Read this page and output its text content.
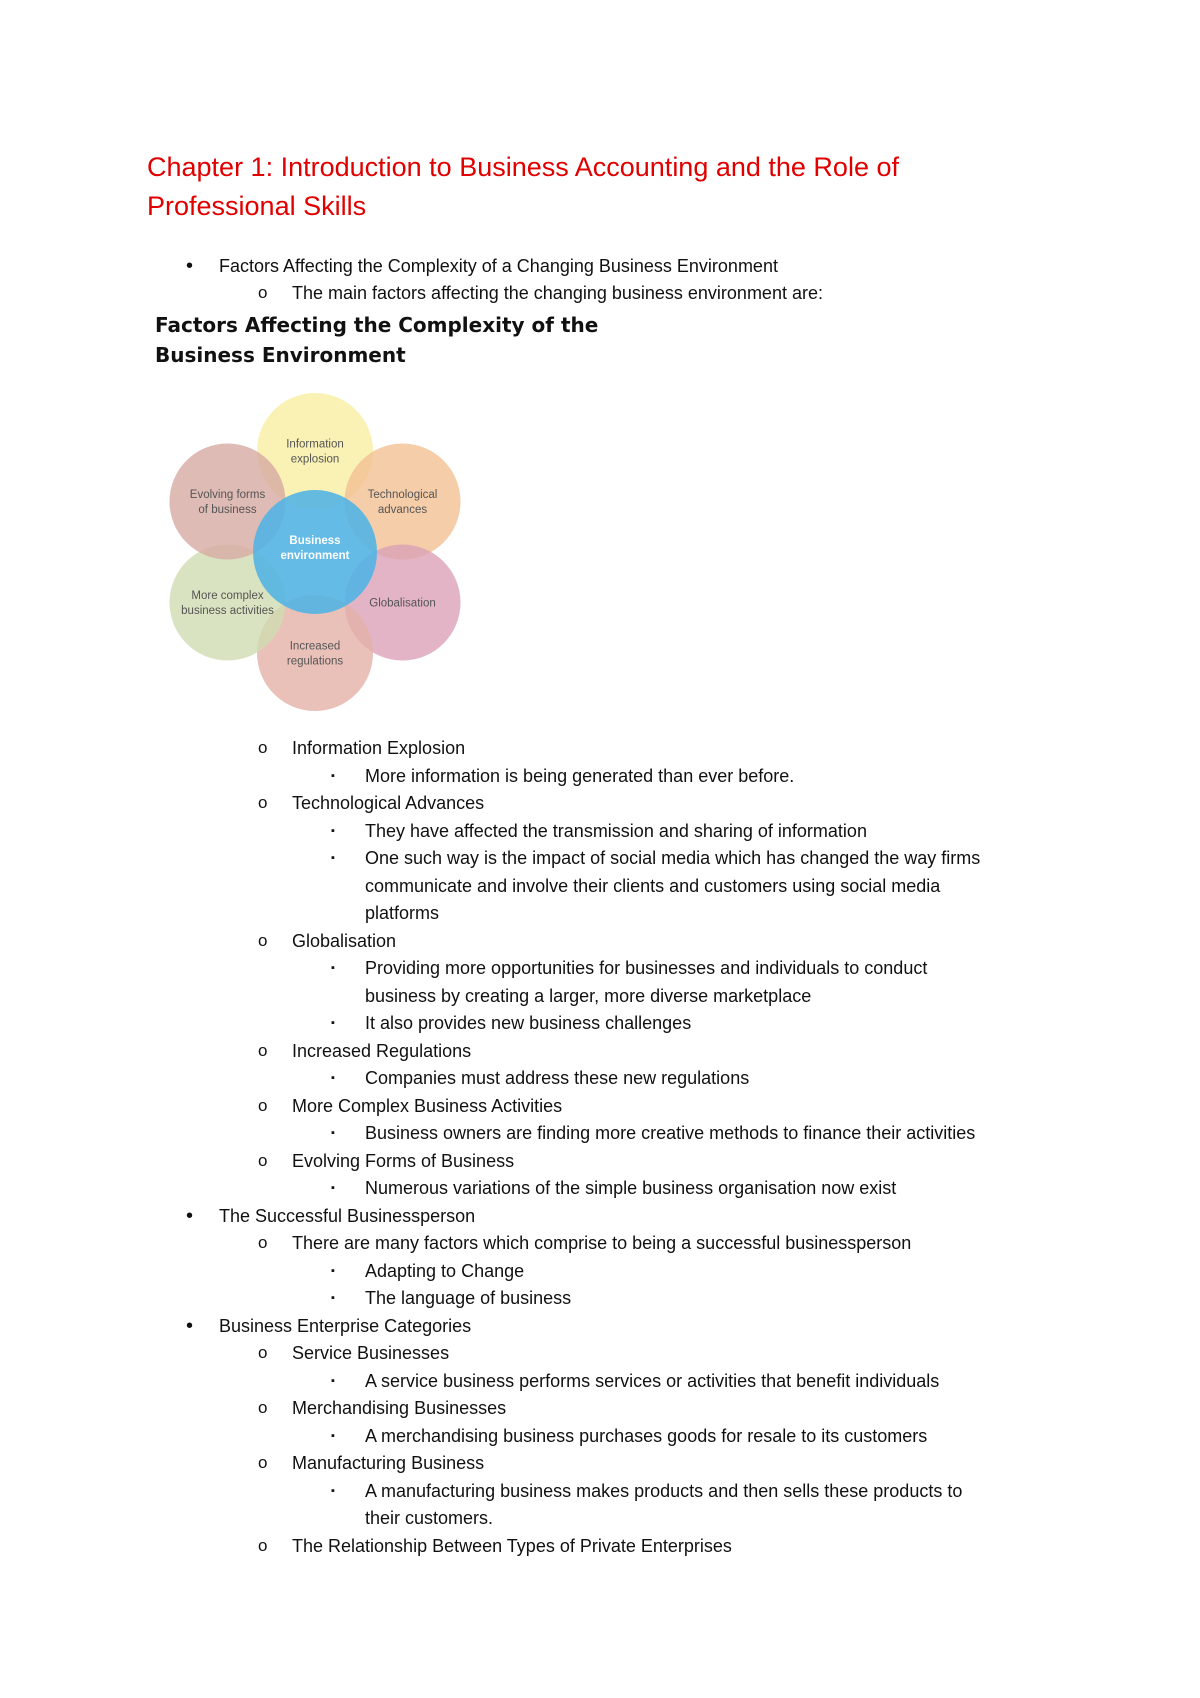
Chapter 1: Introduction to Business Accounting and the Role of Professional Skills
• Factors Affecting the Complexity of a Changing Business Environment
o The main factors affecting the changing business environment are:
Factors Affecting the Complexity of the
Business Environment
Information
explosion
Technological
advances
Globalisation
Increased
regulations
More complex
business activities
Evolving forms
of business
Business
environment
o Information Explosion
▪ More information is being generated than ever before.
o Technological Advances
▪ They have affected the transmission and sharing of information
▪ One such way is the impact of social media which has changed the way firms
communicate and involve their clients and customers using social media
platforms
o Globalisation
▪ Providing more opportunities for businesses and individuals to conduct
business by creating a larger, more diverse marketplace
▪ It also provides new business challenges
o Increased Regulations
▪ Companies must address these new regulations
o More Complex Business Activities
▪ Business owners are finding more creative methods to finance their activities
o Evolving Forms of Business
▪ Numerous variations of the simple business organisation now exist
• The Successful Businessperson
o There are many factors which comprise to being a successful businessperson
▪ Adapting to Change
▪ The language of business
• Business Enterprise Categories
o Service Businesses
▪ A service business performs services or activities that benefit individuals
o Merchandising Businesses
▪ A merchandising business purchases goods for resale to its customers
o Manufacturing Business
▪ A manufacturing business makes products and then sells these products to
their customers.
o The Relationship Between Types of Private Enterprises
